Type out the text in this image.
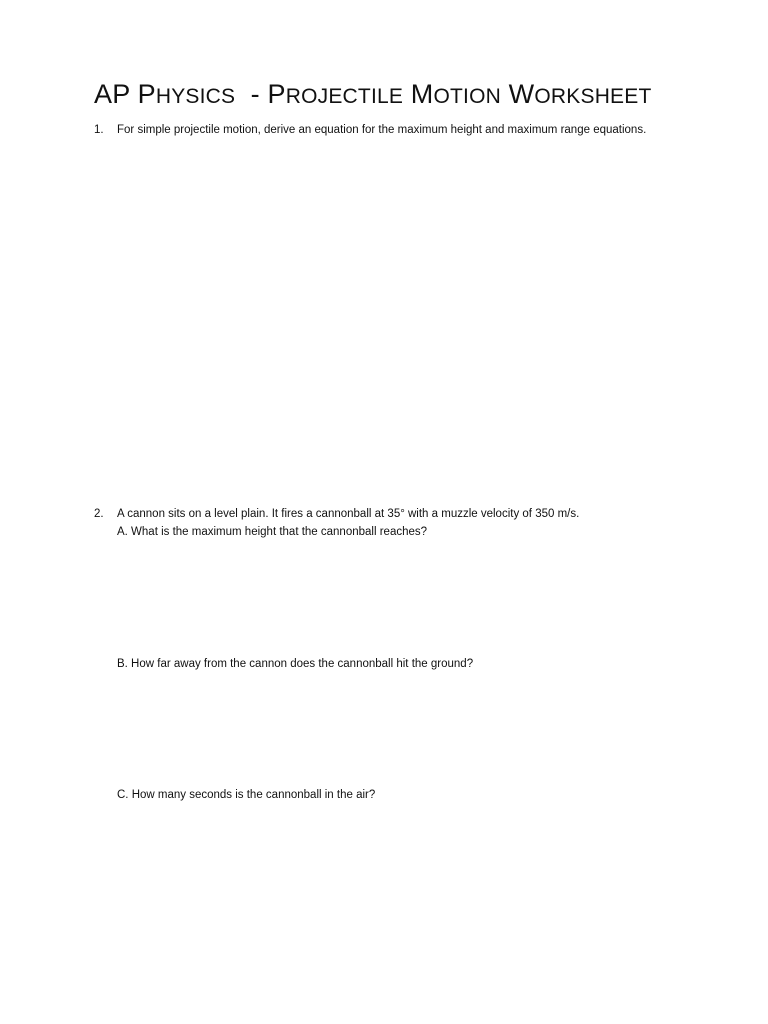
AP PHYSICS  - PROJECTILE MOTION WORKSHEET
1. For simple projectile motion, derive an equation for the maximum height and maximum range equations.
2. A cannon sits on a level plain. It fires a cannonball at 35° with a muzzle velocity of 350 m/s.
A. What is the maximum height that the cannonball reaches?
B. How far away from the cannon does the cannonball hit the ground?
C. How many seconds is the cannonball in the air?
